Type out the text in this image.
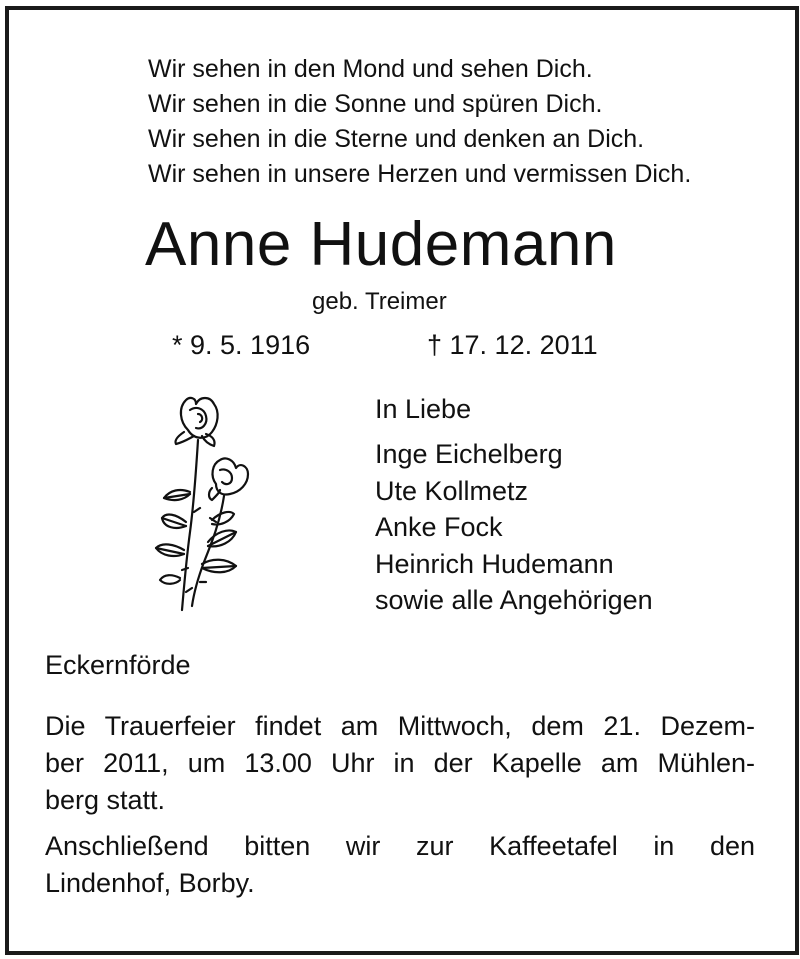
Wir sehen in den Mond und sehen Dich.
Wir sehen in die Sonne und spüren Dich.
Wir sehen in die Sterne und denken an Dich.
Wir sehen in unsere Herzen und vermissen Dich.
Anne Hudemann
geb. Treimer
* 9. 5. 1916	† 17. 12. 2011
In Liebe
Inge Eichelberg
Ute Kollmetz
Anke Fock
Heinrich Hudemann
sowie alle Angehörigen
Eckernförde
Die Trauerfeier findet am Mittwoch, dem 21. Dezem-
ber 2011, um 13.00 Uhr in der Kapelle am Mühlen-
berg statt.
Anschließend bitten wir zur Kaffeetafel in den
Lindenhof, Borby.
